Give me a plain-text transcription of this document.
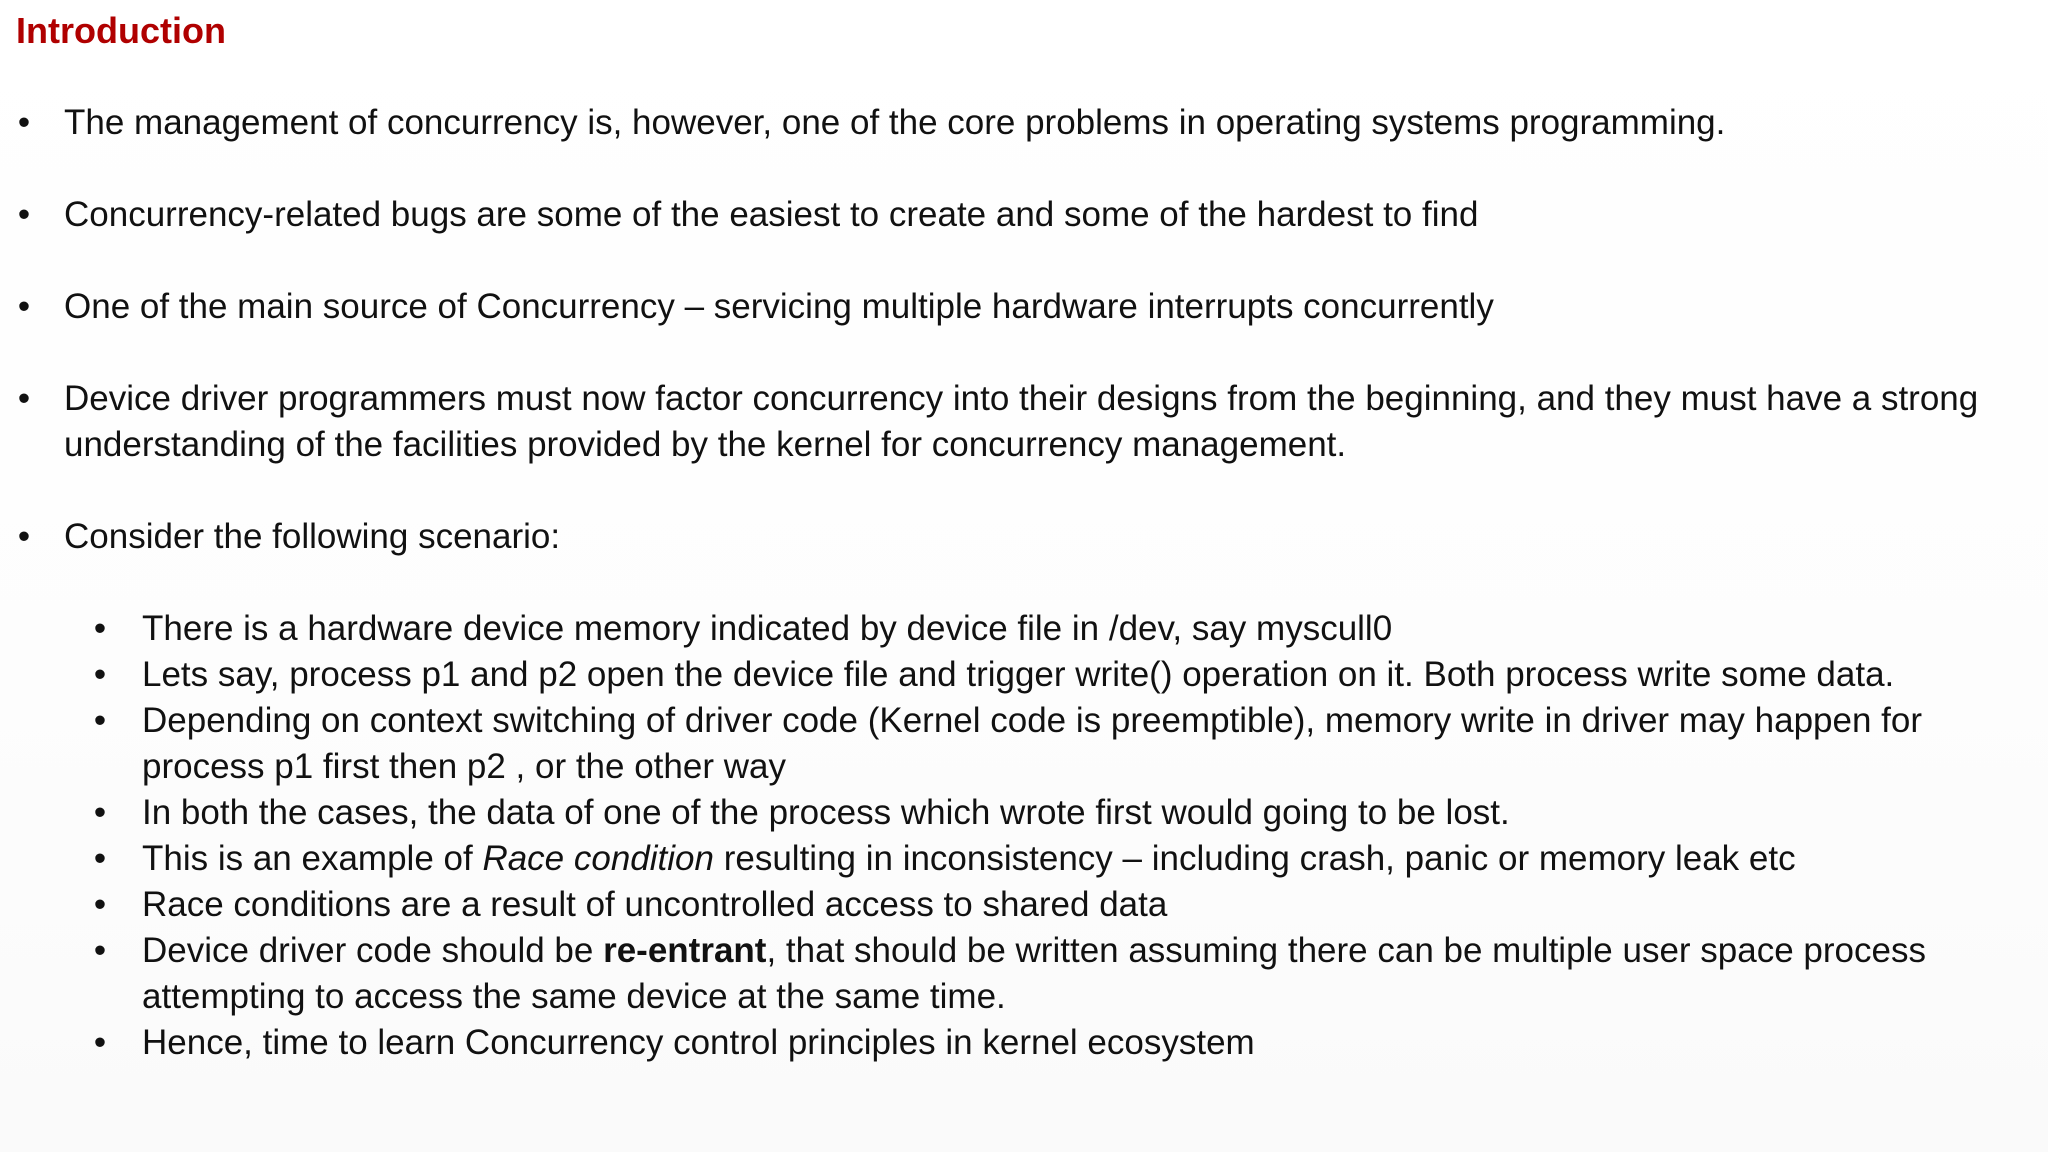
Introduction
• The management of concurrency is, however, one of the core problems in operating systems programming.
• Concurrency-related bugs are some of the easiest to create and some of the hardest to find
• One of the main source of Concurrency – servicing multiple hardware interrupts concurrently
• Device driver programmers must now factor concurrency into their designs from the beginning, and they must have a strong understanding of the facilities provided by the kernel for concurrency management.
• Consider the following scenario:
• There is a hardware device memory indicated by device file in /dev, say myscull0
• Lets say, process p1 and p2 open the device file and trigger write() operation on it. Both process write some data.
• Depending on context switching of driver code (Kernel code is preemptible), memory write in driver may happen for process p1 first then p2 , or the other way
• In both the cases, the data of one of the process which wrote first would going to be lost.
• This is an example of Race condition resulting in inconsistency – including crash, panic or memory leak etc
• Race conditions are a result of uncontrolled access to shared data
• Device driver code should be re-entrant, that should be written assuming there can be multiple user space process attempting to access the same device at the same time.
• Hence, time to learn Concurrency control principles in kernel ecosystem
